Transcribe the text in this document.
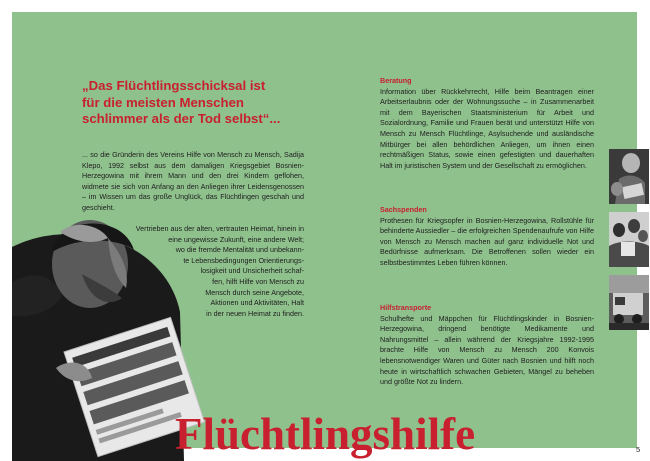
„Das Flüchtlingsschicksal ist
für die meisten Menschen
schlimmer als der Tod selbst“...

... so die Gründerin des Vereins Hilfe von Mensch zu Mensch, Sadija Klepo, 1992 selbst aus dem damaligen Kriegsgebiet Bosnien-Herzegowina mit ihrem Mann und den drei Kindern geflohen, widmete sie sich von Anfang an den Anliegen ihrer Leidensgenossen – im Wissen um das große Unglück, das Flüchtlingen geschah und geschieht.

Vertrieben aus der alten, vertrauten Heimat, hinein in
eine ungewisse Zukunft, eine andere Welt;
wo die fremde Mentalität und unbekann-
te Lebensbedingungen Orientierungs-
losigkeit und Unsicherheit schaf-
fen, hilft Hilfe von Mensch zu
Mensch durch seine Angebote,
Aktionen und Aktivitäten, Halt
in der neuen Heimat zu finden.

Beratung
Information über Rückkehrrecht, Hilfe beim Beantragen einer Arbeitserlaubnis oder der Wohnungssuche – in Zusammenarbeit mit dem Bayerischen Staatsministerium für Arbeit und Sozialordnung, Familie und Frauen berät und unterstützt Hilfe von Mensch zu Mensch Flüchtlinge, Asylsuchende und ausländische Mitbürger bei allen behördlichen Anliegen, um ihnen einen rechtmäßigen Status, sowie einen gefestigten und dauerhaften Halt im juristischen System und der Gesellschaft zu ermöglichen.
Sachspenden
Prothesen für Kriegsopfer in Bosnien-Herzegowina, Rollstühle für behinderte Aussiedler – die erfolgreichen Spendenaufrufe von Hilfe von Mensch zu Mensch machen auf ganz individuelle Not und Bedürfnisse aufmerksam. Die Betroffenen sollen wieder ein selbstbestimmtes Leben führen können.
Hilfstransporte
Schulhefte und Mäppchen für Flüchtlingskinder in Bosnien-Herzegowina, dringend benötigte Medikamente und Nahrungsmittel – allein während der Kriegsjahre 1992-1995 brachte Hilfe von Mensch zu Mensch 200 Konvois lebensnotwendiger Waren und Güter nach Bosnien und hilft noch heute in wirtschaftlich schwachen Gebieten, Mängel zu beheben und größte Not zu lindern.
Flüchtlingshilfe	5
